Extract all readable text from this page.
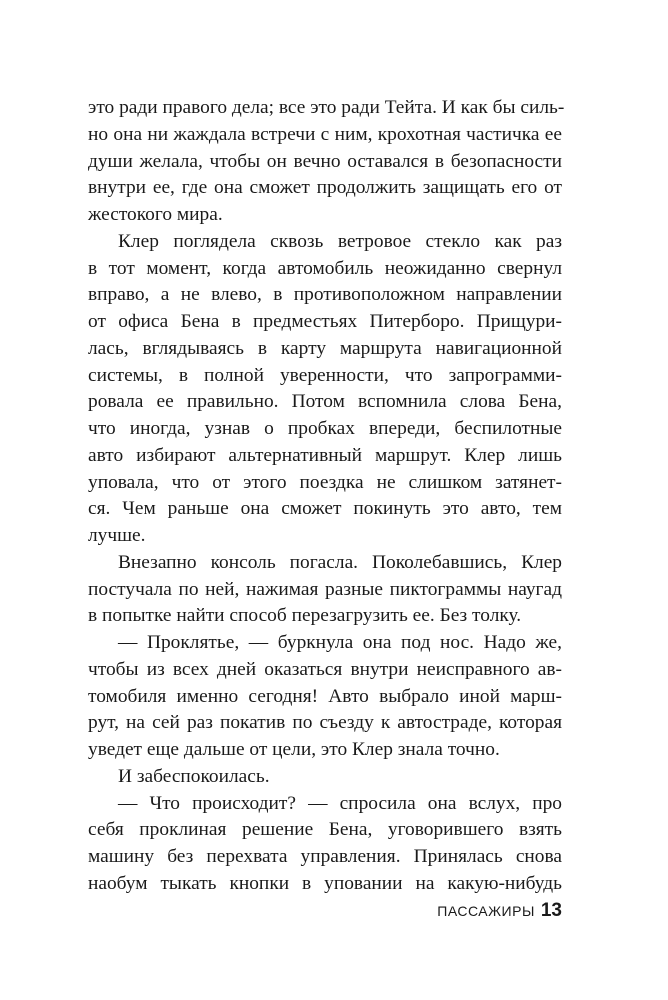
это ради правого дела; все это ради Тейта. И как бы силь-
но она ни жаждала встречи с ним, крохотная частичка ее
души желала, чтобы он вечно оставался в безопасности
внутри ее, где она сможет продолжить защищать его от
жестокого мира.
Клер поглядела сквозь ветровое стекло как раз
в тот момент, когда автомобиль неожиданно свернул
вправо, а не влево, в противоположном направлении
от офиса Бена в предместьях Питерборо. Прищури-
лась, вглядываясь в карту маршрута навигационной
системы, в полной уверенности, что запрограмми-
ровала ее правильно. Потом вспомнила слова Бена,
что иногда, узнав о пробках впереди, беспилотные
авто избирают альтернативный маршрут. Клер лишь
уповала, что от этого поездка не слишком затянет-
ся. Чем раньше она сможет покинуть это авто, тем
лучше.
Внезапно консоль погасла. Поколебавшись, Клер
постучала по ней, нажимая разные пиктограммы наугад
в попытке найти способ перезагрузить ее. Без толку.
— Проклятье, — буркнула она под нос. Надо же,
чтобы из всех дней оказаться внутри неисправного ав-
томобиля именно сегодня! Авто выбрало иной марш-
рут, на сей раз покатив по съезду к автостраде, которая
уведет еще дальше от цели, это Клер знала точно.
И забеспокоилась.
— Что происходит? — спросила она вслух, про
себя проклиная решение Бена, уговорившего взять
машину без перехвата управления. Принялась снова
наобум тыкать кнопки в уповании на какую-нибудь
ПАССАЖИРЫ 13
